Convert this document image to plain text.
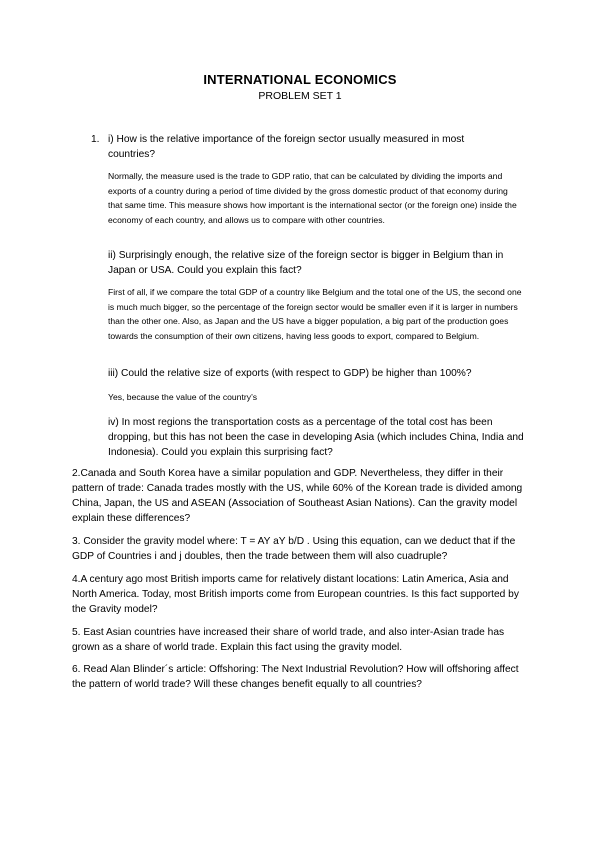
INTERNATIONAL ECONOMICS
PROBLEM SET 1
1. i) How is the relative importance of the foreign sector usually measured in most countries?

Normally, the measure used is the trade to GDP ratio, that can be calculated by dividing the imports and exports of a country during a period of time divided by the gross domestic product of that economy during that same time. This measure shows how important is the international sector (or the foreign one) inside the economy of each country, and allows us to compare with other countries.

ii) Surprisingly enough, the relative size of the foreign sector is bigger in Belgium than in Japan or USA. Could you explain this fact?

First of all, if we compare the total GDP of a country like Belgium and the total one of the US, the second one is much much bigger, so the percentage of the foreign sector would be smaller even if it is larger in numbers than the other one. Also, as Japan and the US have a bigger population, a big part of the production goes towards the consumption of their own citizens, having less goods to export, compared to Belgium.

iii) Could the relative size of exports (with respect to GDP) be higher than 100%?

Yes, because the value of the country’s

iv) In most regions the transportation costs as a percentage of the total cost has been dropping, but this has not been the case in developing Asia (which includes China, India and Indonesia). Could you explain this surprising fact?

2.Canada and South Korea have a similar population and GDP. Nevertheless, they differ in their pattern of trade: Canada trades mostly with the US, while 60% of the Korean trade is divided among China, Japan, the US and ASEAN (Association of Southeast Asian Nations). Can the gravity model explain these differences?

3. Consider the gravity model where: T = AY aY b/D . Using this equation, can we deduct that if the GDP of Countries i and j doubles, then the trade between them will also cuadruple?

4.A century ago most British imports came for relatively distant locations: Latin America, Asia and North America. Today, most British imports come from European countries. Is this fact supported by the Gravity model?

5. East Asian countries have increased their share of world trade, and also inter-Asian trade has grown as a share of world trade. Explain this fact using the gravity model.

6. Read Alan Blinder´s article: Offshoring: The Next Industrial Revolution? How will offshoring affect the pattern of world trade? Will these changes benefit equally to all countries?
